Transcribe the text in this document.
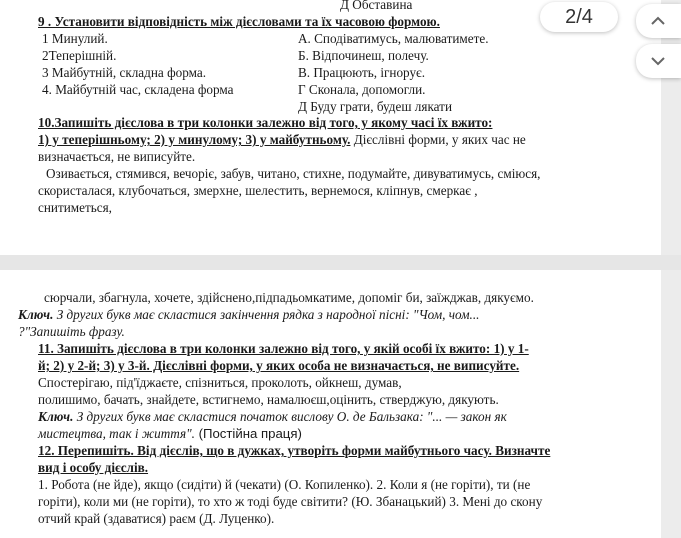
Д Обставина
9 . Установити відповідність між дієсловами та їх часовою формою.
1 Минулий.
2Теперішній.
3 Майбутній, складна форма.
4. Майбутній час, складена форма
А. Сподіватимусь, малюватимете.
Б. Відпочинеш, полечу.
В. Працюють, ігнорує.
Г Сконала, допомогли.
Д Буду грати, будеш лякати
10.Запишіть дієслова в три колонки залежно від того, у якому часі їх вжито:
1) у теперішньому; 2) у минулому; 3) у майбутньому. Дієслівні форми, у яких час не
визначається, не виписуйте.
Озивається, стямився, вечоріє, забув, читано, стихне, подумайте, дивуватимусь, сміюся,
скористалася, клубочаться, змерхне, шелестить, вернемося, кліпнув, смеркає ,
снитиметься,
2/4
сюрчали, збагнула, хочете, здійснено,підпадьомкатиме, допоміг би, заїжджав, дякуємо.
Ключ. З других букв має скластися закінчення рядка з народної пісні: "Чом, чом...
?"Запишіть фразу.
11. Запишіть дієслова в три колонки залежно від того, у якій особі їх вжито: 1) у 1-
й; 2) у 2-й; 3) у 3-й. Дієслівні форми, у яких особа не визначається, не виписуйте.
Спостерігаю, під'їджаєте, спізниться, проколоть, ойкнеш, думав,
полишимо, бачать, знайдете, встигнемо, намалюєш,оцінить, стверджую, дякують.
Ключ. З других букв має скластися початок вислову О. де Бальзака: "... — закон як
мистецтва, так і життя". (Постійна праця)
12. Перепишіть. Від дієслів, що в дужках, утворіть форми майбутнього часу. Визначте
вид і особу дієслів.
1. Робота (не йде), якщо (сидіти) й (чекати) (О. Копиленко). 2. Коли я (не горіти), ти (не
горіти), коли ми (не горіти), то хто ж тоді буде світити? (Ю. Збанацький) 3. Мені до скону
отчий край (здаватися) раєм (Д. Луценко).
